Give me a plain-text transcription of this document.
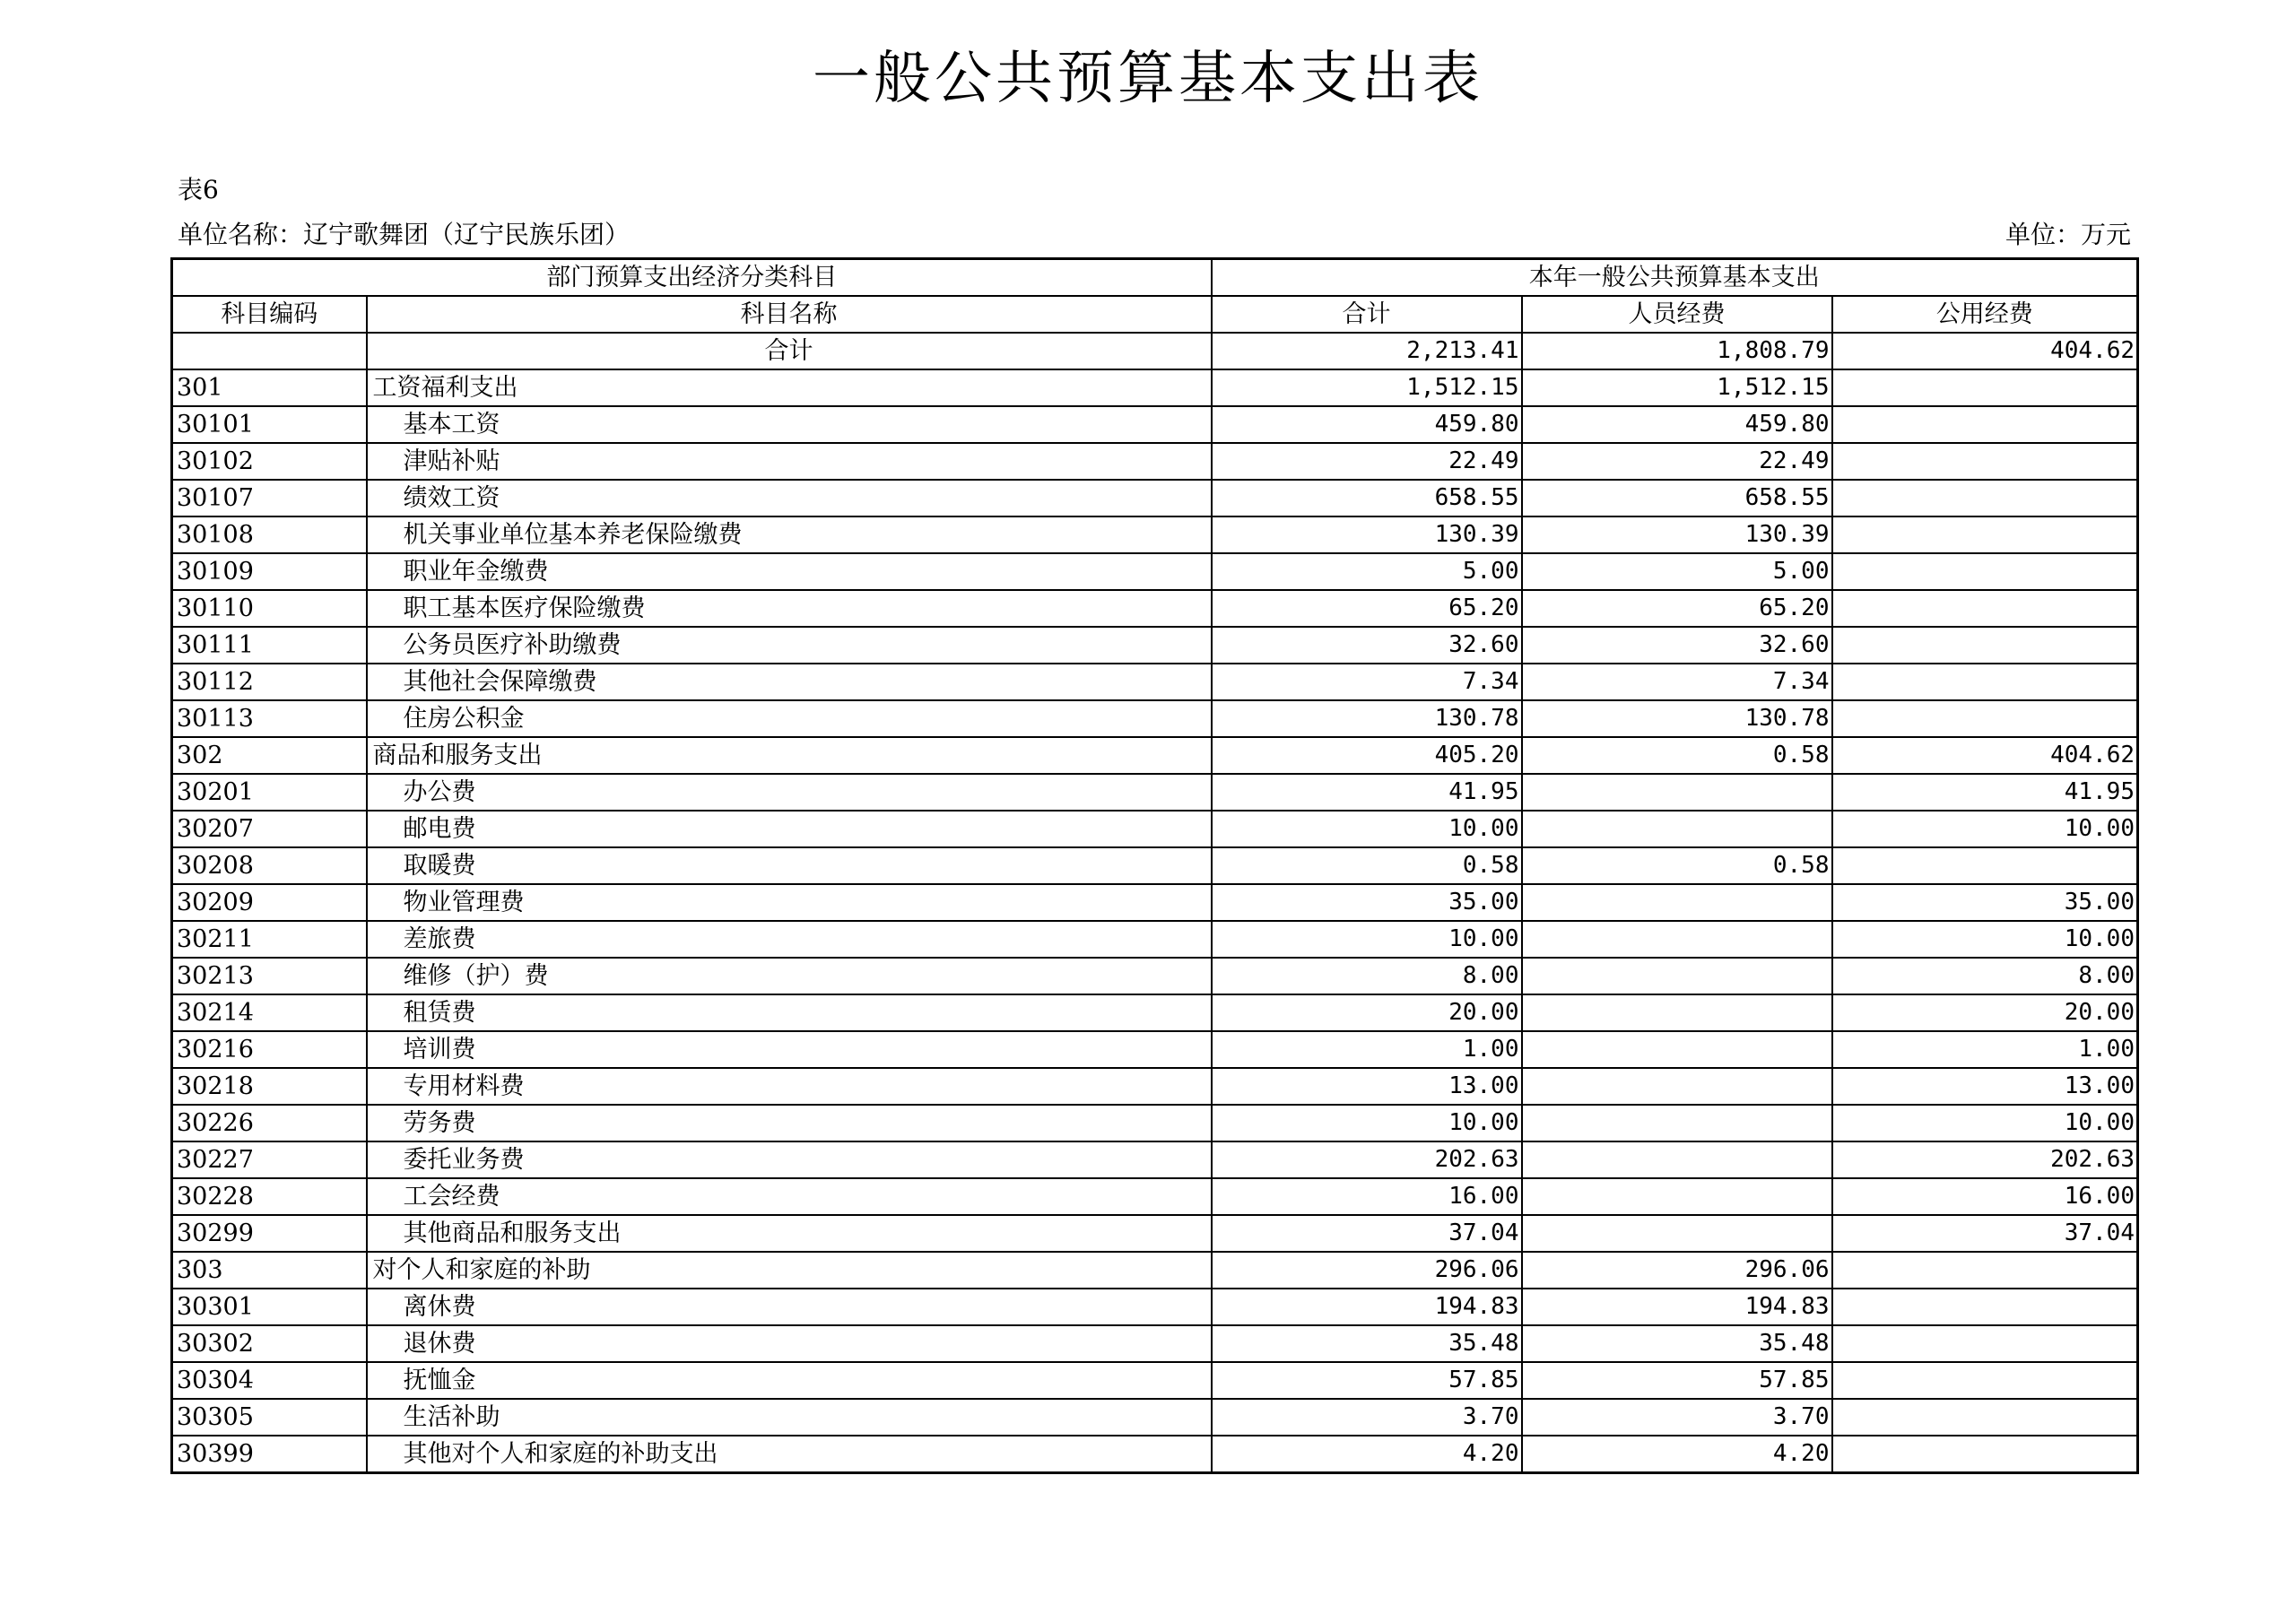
一般公共预算基本支出表
表6
单位名称：辽宁歌舞团（辽宁民族乐团）	单位：万元
部门预算支出经济分类科目		本年一般公共预算基本支出		
科目编码	科目名称	合计	人员经费	公用经费
	合计	2,213.41	1,808.79	404.62
301	工资福利支出	1,512.15	1,512.15	
30101	基本工资	459.80	459.80	
30102	津贴补贴	22.49	22.49	
30107	绩效工资	658.55	658.55	
30108	机关事业单位基本养老保险缴费	130.39	130.39	
30109	职业年金缴费	5.00	5.00	
30110	职工基本医疗保险缴费	65.20	65.20	
30111	公务员医疗补助缴费	32.60	32.60	
30112	其他社会保障缴费	7.34	7.34	
30113	住房公积金	130.78	130.78	
302	商品和服务支出	405.20	0.58	404.62
30201	办公费	41.95		41.95
30207	邮电费	10.00		10.00
30208	取暖费	0.58	0.58	
30209	物业管理费	35.00		35.00
30211	差旅费	10.00		10.00
30213	维修（护）费	8.00		8.00
30214	租赁费	20.00		20.00
30216	培训费	1.00		1.00
30218	专用材料费	13.00		13.00
30226	劳务费	10.00		10.00
30227	委托业务费	202.63		202.63
30228	工会经费	16.00		16.00
30299	其他商品和服务支出	37.04		37.04
303	对个人和家庭的补助	296.06	296.06	
30301	离休费	194.83	194.83	
30302	退休费	35.48	35.48	
30304	抚恤金	57.85	57.85	
30305	生活补助	3.70	3.70	
30399	其他对个人和家庭的补助支出	4.20	4.20	
